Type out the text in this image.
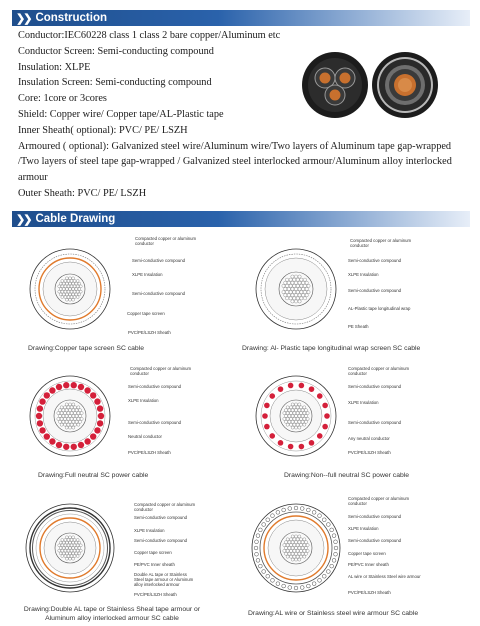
❯❯ Construction
Conductor:IEC60228 class 1 class 2 bare copper/Aluminum etc
Conductor Screen: Semi-conducting compound
Insulation: XLPE
Insulation Screen: Semi-conducting compound
Core: 1core or 3cores
Shield: Copper wire/ Copper tape/AL-Plastic tape
Inner Sheath( optional): PVC/ PE/ LSZH
Armoured ( optional): Galvanized steel wire/Aluminum wire/Two layers of Aluminum tape gap-wrapped /Two layers of steel tape gap-wrapped / Galvanized steel interlocked armour/Aluminum alloy interlocked armour
Outer Sheath: PVC/ PE/ LSZH
❯❯ Cable Drawing
Compacted copper or aluminum conductor
Semi-conductive compound
XLPE Insulation
Semi-conductive compound
Copper tape screen
PVC/PE/LSZH Sheath
Drawing:Copper tape screen SC cable
Compacted copper or aluminum conductor
Semi-conductive compound
XLPE Insulation
Semi-conductive compound
AL-Plastic tape longitudinal wrap
PE Sheath
Drawing: Al- Plastic tape longitudinal wrap screen SC cable
Compacted copper or aluminum conductor
Semi-conductive compound
XLPE Insulation
Semi-conductive compound
Neutral conductor
PVC/PE/LSZH Sheath
Drawing:Full neutral SC power cable
Compacted copper or aluminum conductor
Semi-conductive compound
XLPE Insulation
Semi-conductive compound
Any neutral conductor
PVC/PE/LSZH Sheath
Drawing:Non--full neutral SC power cable
Compacted copper or aluminum conductor
Semi-conductive compound
XLPE Insulation
Semi-conductive compound
Copper tape screen
PE/PVC Inner sheath
Double AL tape or Stainless Steel tape armour or Aluminum alloy interlocked armour
PVC/PE/LSZH Sheath
Drawing:Double AL tape or Stainless Sheal tape armour or Aluminum alloy interlocked armour SC cable
Compacted copper or aluminum conductor
Semi-conductive compound
XLPE Insulation
Semi-conductive compound
Copper tape screen
PE/PVC Inner sheath
AL wire or Stainless Steel wire armour
PVC/PE/LSZH Sheath
Drawing:AL wire or Stainless steel wire armour SC cable
